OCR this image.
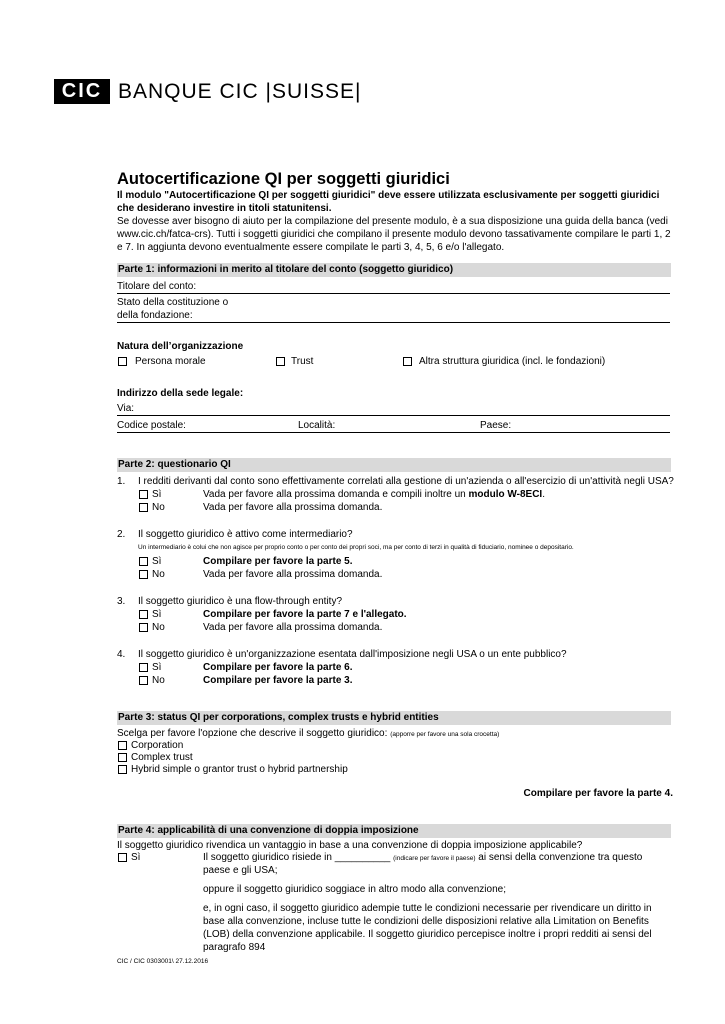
CIC BANQUE CIC |SUISSE|
Autocertificazione QI per soggetti giuridici
Il modulo "Autocertificazione QI per soggetti giuridici" deve essere utilizzata esclusivamente per soggetti giuridici che desiderano investire in titoli statunitensi.
Se dovesse aver bisogno di aiuto per la compilazione del presente modulo, è a sua disposizione una guida della banca (vedi www.cic.ch/fatca-crs). Tutti i soggetti giuridici che compilano il presente modulo devono tassativamente compilare le parti 1, 2 e 7. In aggiunta devono eventualmente essere compilate le parti 3, 4, 5, 6 e/o l'allegato.
Parte 1: informazioni in merito al titolare del conto (soggetto giuridico)
Titolare del conto:
Stato della costituzione o
della fondazione:
Natura dell’organizzazione
Persona morale	Trust	Altra struttura giuridica (incl. le fondazioni)
Indirizzo della sede legale:
Via:
Codice postale:	Località:	Paese:
Parte 2: questionario QI
1. I redditi derivanti dal conto sono effettivamente correlati alla gestione di un'azienda o all'esercizio di un'attività negli USA?
Sì	Vada per favore alla prossima domanda e compili inoltre un modulo W-8ECI.
No	Vada per favore alla prossima domanda.
2. Il soggetto giuridico è attivo come intermediario?
Un intermediario è colui che non agisce per proprio conto o per conto dei propri soci, ma per conto di terzi in qualità di fiduciario, nominee o depositario.
Sì	Compilare per favore la parte 5.
No	Vada per favore alla prossima domanda.
3. Il soggetto giuridico è una flow-through entity?
Sì	Compilare per favore la parte 7 e l'allegato.
No	Vada per favore alla prossima domanda.
4. Il soggetto giuridico è un'organizzazione esentata dall'imposizione negli USA o un ente pubblico?
Sì	Compilare per favore la parte 6.
No	Compilare per favore la parte 3.
Parte 3: status QI per corporations, complex trusts e hybrid entities
Scelga per favore l'opzione che descrive il soggetto giuridico: (apporre per favore una sola crocetta)
Corporation
Complex trust
Hybrid simple o grantor trust o hybrid partnership
Compilare per favore la parte 4.
Parte 4: applicabilità di una convenzione di doppia imposizione
Il soggetto giuridico rivendica un vantaggio in base a una convenzione di doppia imposizione applicabile?
Sì	Il soggetto giuridico risiede in __________ (indicare per favore il paese) ai sensi della convenzione tra questo
paese e gli USA;
oppure il soggetto giuridico soggiace in altro modo alla convenzione;
e, in ogni caso, il soggetto giuridico adempie tutte le condizioni necessarie per rivendicare un diritto in base alla convenzione, incluse tutte le condizioni delle disposizioni relative alla Limitation on Benefits (LOB) della convenzione applicabile. Il soggetto giuridico percepisce inoltre i propri redditi ai sensi del paragrafo 894
CIC / CIC 0303001\ 27.12.2016
